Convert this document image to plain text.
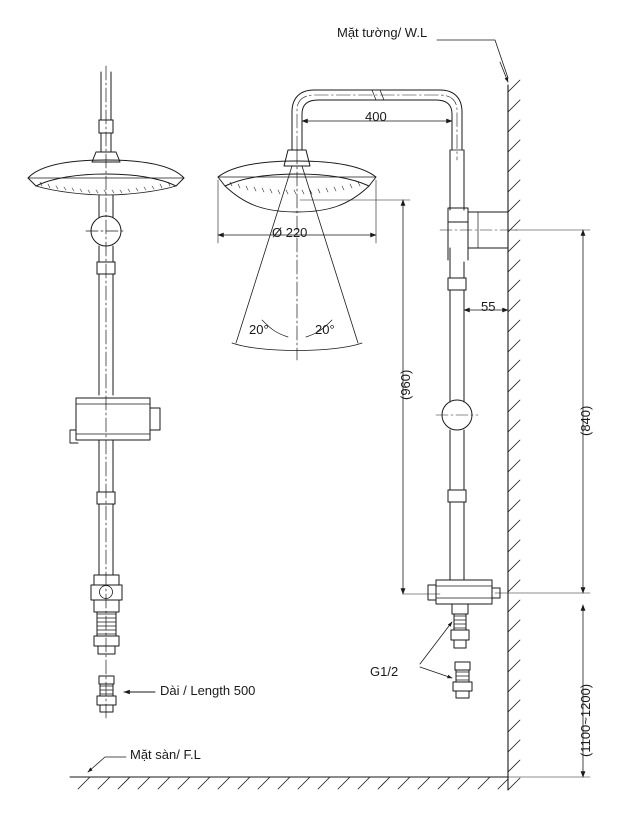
Mặt tường/ W.L
400
Ø 220
20°	20°
55
(960)
(840)
(1100~1200)
Dài / Length 500
G1/2
Mặt sàn/ F.L
